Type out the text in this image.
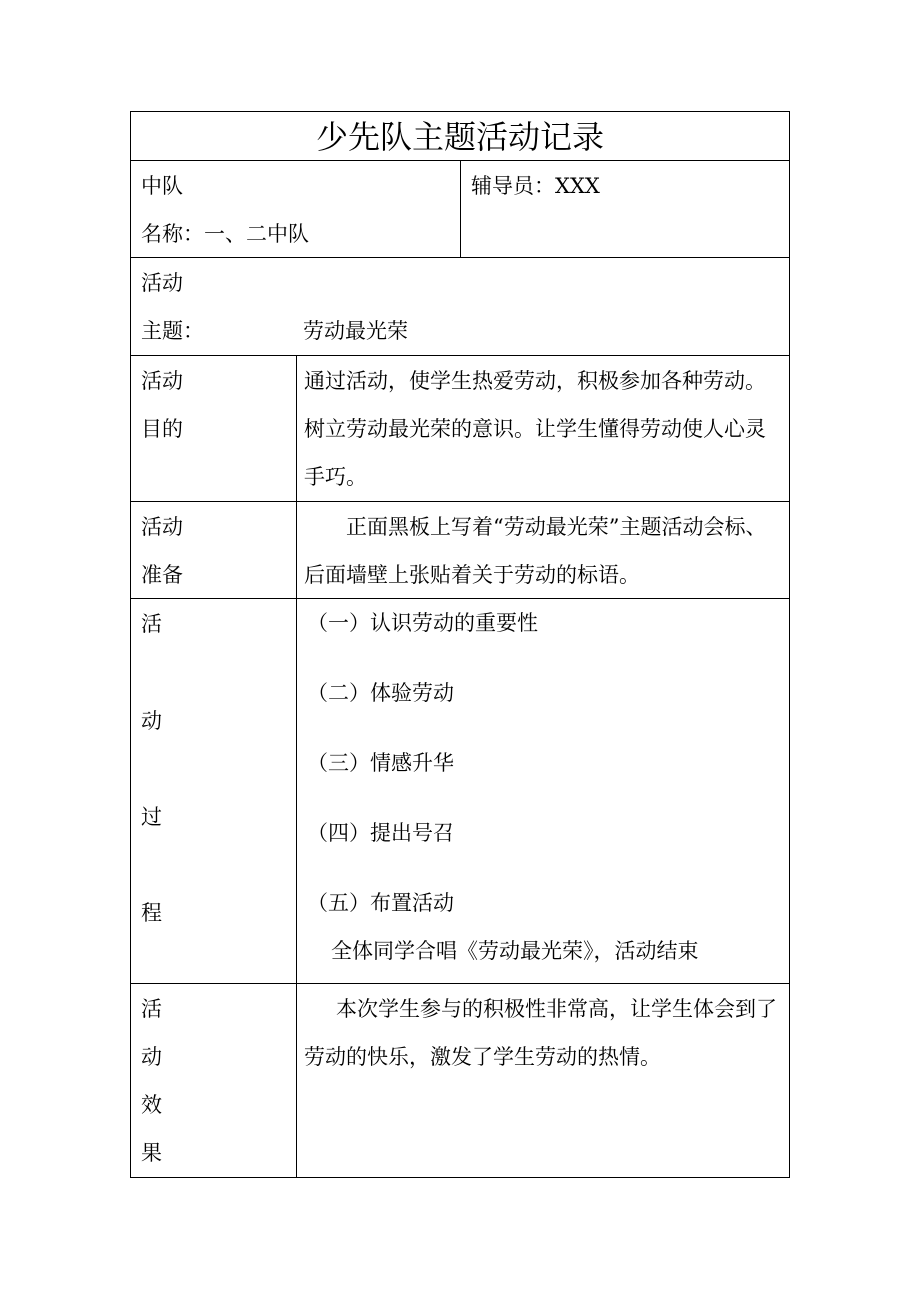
少先队主题活动记录
中队
名称：一、二中队
辅导员：XXX
活动
主题：	劳动最光荣
活动
目的
通过活动，使学生热爱劳动，积极参加各种劳动。树立劳动最光荣的意识。让学生懂得劳动使人心灵手巧。
活动
准备
正面黑板上写着“劳动最光荣”主题活动会标、后面墙壁上张贴着关于劳动的标语。
活
动
过
程
（一）认识劳动的重要性
（二）体验劳动
（三）情感升华
（四）提出号召
（五）布置活动
全体同学合唱《劳动最光荣》，活动结束
活
动
效
果
本次学生参与的积极性非常高，让学生体会到了劳动的快乐，激发了学生劳动的热情。
